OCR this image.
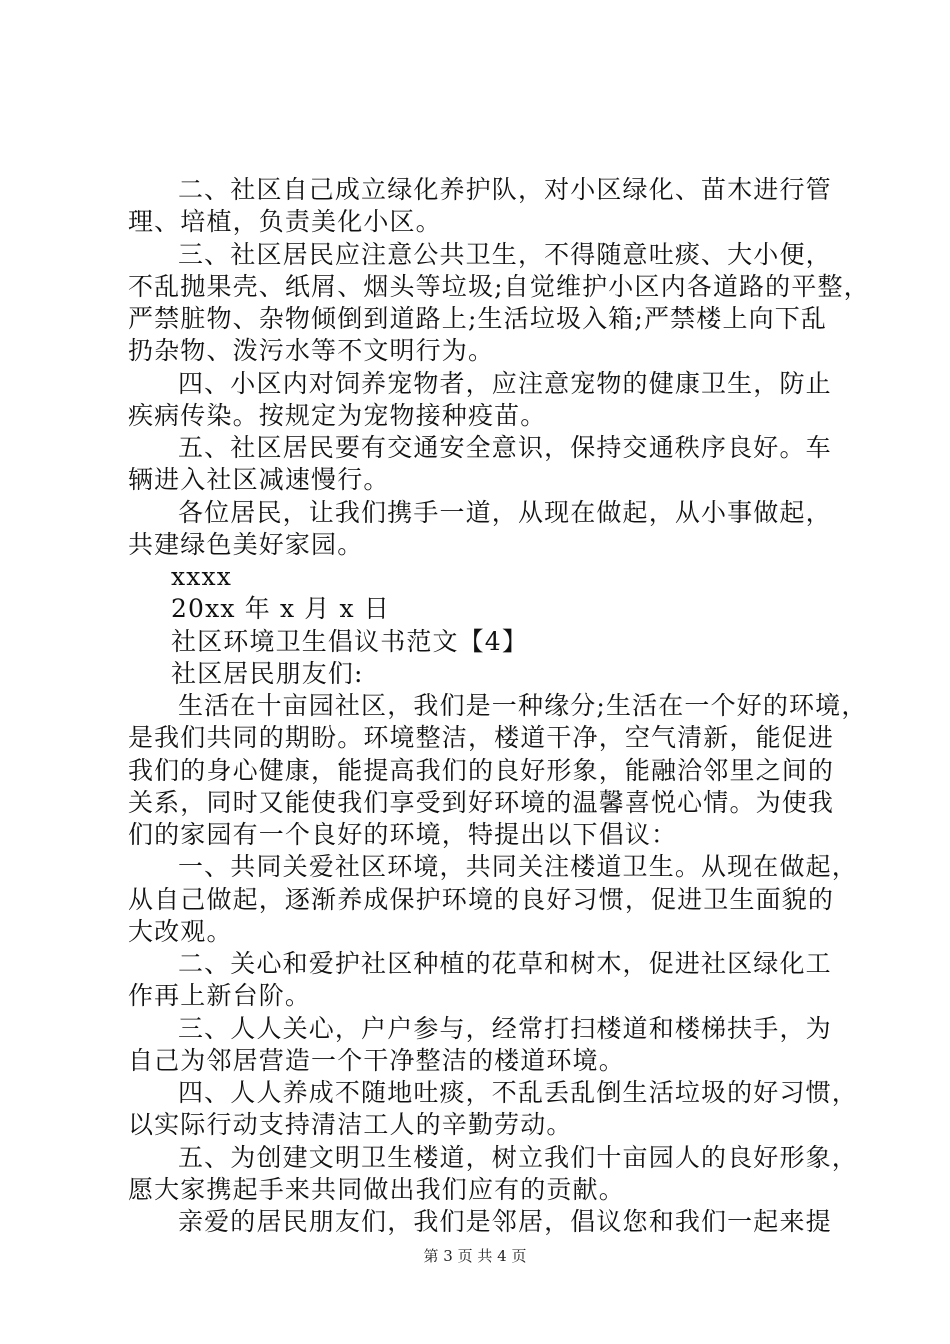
二、社区自己成立绿化养护队，对小区绿化、苗木进行管
理、培植，负责美化小区。
三、社区居民应注意公共卫生，不得随意吐痰、大小便，
不乱抛果壳、纸屑、烟头等垃圾;自觉维护小区内各道路的平整，
严禁脏物、杂物倾倒到道路上;生活垃圾入箱;严禁楼上向下乱
扔杂物、泼污水等不文明行为。
四、小区内对饲养宠物者，应注意宠物的健康卫生，防止
疾病传染。按规定为宠物接种疫苗。
五、社区居民要有交通安全意识，保持交通秩序良好。车
辆进入社区减速慢行。
各位居民，让我们携手一道，从现在做起，从小事做起，
共建绿色美好家园。
xxxx
20xx 年 x 月 x 日
社区环境卫生倡议书范文【4】
社区居民朋友们:
生活在十亩园社区，我们是一种缘分;生活在一个好的环境，
是我们共同的期盼。环境整洁，楼道干净，空气清新，能促进
我们的身心健康，能提高我们的良好形象，能融洽邻里之间的
关系，同时又能使我们享受到好环境的温馨喜悦心情。为使我
们的家园有一个良好的环境，特提出以下倡议：
一、共同关爱社区环境，共同关注楼道卫生。从现在做起，
从自己做起，逐渐养成保护环境的良好习惯，促进卫生面貌的
大改观。
二、关心和爱护社区种植的花草和树木，促进社区绿化工
作再上新台阶。
三、人人关心，户户参与，经常打扫楼道和楼梯扶手，为
自己为邻居营造一个干净整洁的楼道环境。
四、人人养成不随地吐痰，不乱丢乱倒生活垃圾的好习惯，
以实际行动支持清洁工人的辛勤劳动。
五、为创建文明卫生楼道，树立我们十亩园人的良好形象，
愿大家携起手来共同做出我们应有的贡献。
亲爱的居民朋友们，我们是邻居，倡议您和我们一起来提
第 3 页 共 4 页
